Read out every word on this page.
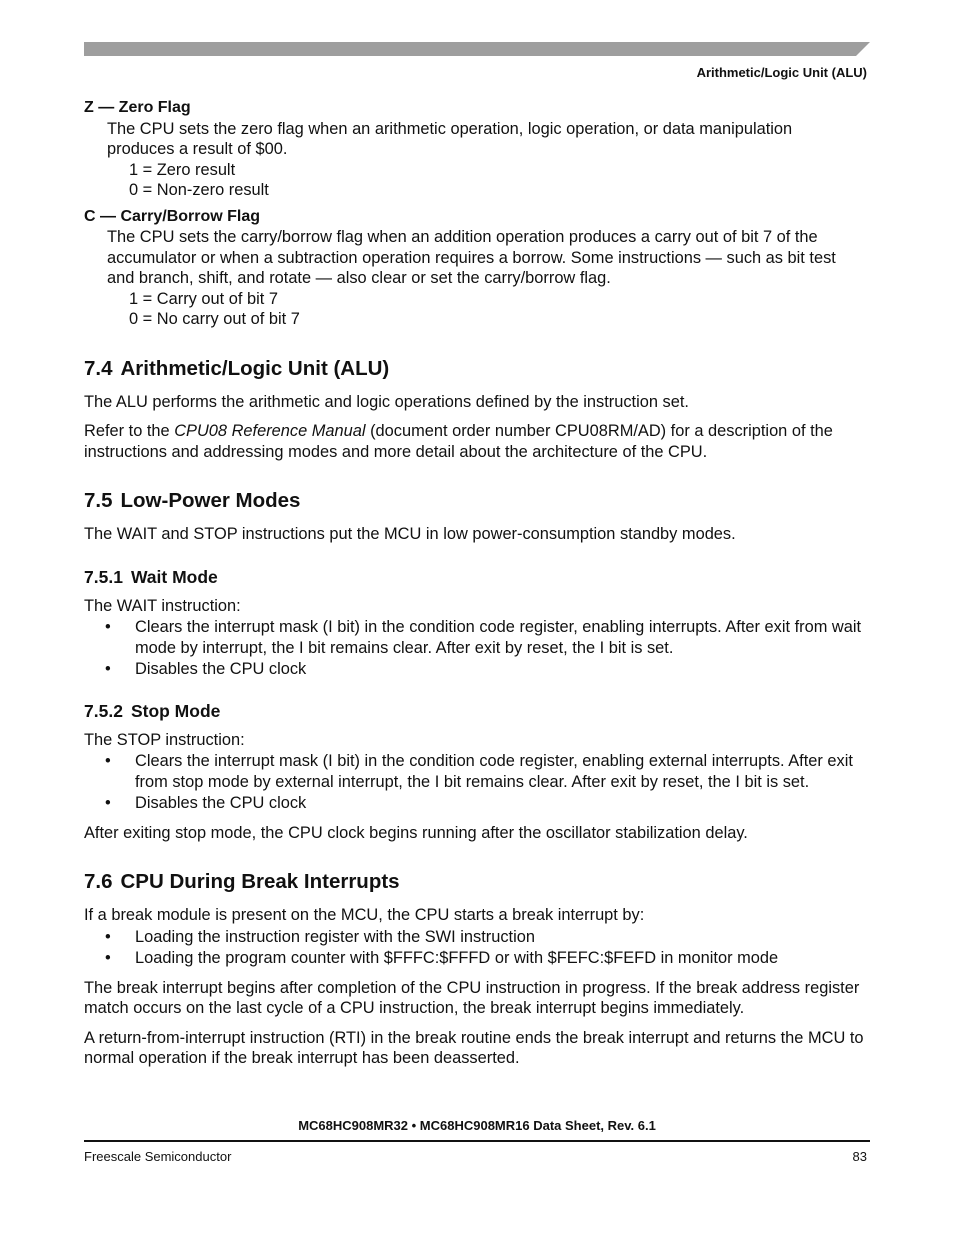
Arithmetic/Logic Unit (ALU)

Z — Zero Flag

The CPU sets the zero flag when an arithmetic operation, logic operation, or data manipulation

produces a result of $00.

1 = Zero result

0 = Non-zero result

C — Carry/Borrow Flag

The CPU sets the carry/borrow flag when an addition operation produces a carry out of bit 7 of the

accumulator or when a subtraction operation requires a borrow. Some instructions — such as bit test

and branch, shift, and rotate — also clear or set the carry/borrow flag.

1 = Carry out of bit 7

0 = No carry out of bit 7

7.4 Arithmetic/Logic Unit (ALU)

The ALU performs the arithmetic and logic operations defined by the instruction set.

Refer to the CPU08 Reference Manual (document order number CPU08RM/AD) for a description of the instructions and addressing modes and more detail about the architecture of the CPU.

7.5 Low-Power Modes

The WAIT and STOP instructions put the MCU in low power-consumption standby modes.

7.5.1 Wait Mode

The WAIT instruction:

• Clears the interrupt mask (I bit) in the condition code register, enabling interrupts. After exit from wait mode by interrupt, the I bit remains clear. After exit by reset, the I bit is set.
• Disables the CPU clock
7.5.2 Stop Mode

The STOP instruction:

• Clears the interrupt mask (I bit) in the condition code register, enabling external interrupts. After exit from stop mode by external interrupt, the I bit remains clear. After exit by reset, the I bit is set.
• Disables the CPU clock

After exiting stop mode, the CPU clock begins running after the oscillator stabilization delay.

7.6 CPU During Break Interrupts

If a break module is present on the MCU, the CPU starts a break interrupt by:

• Loading the instruction register with the SWI instruction
• Loading the program counter with $FFFC:$FFFD or with $FEFC:$FEFD in monitor mode

The break interrupt begins after completion of the CPU instruction in progress. If the break address register match occurs on the last cycle of a CPU instruction, the break interrupt begins immediately.

A return-from-interrupt instruction (RTI) in the break routine ends the break interrupt and returns the MCU to normal operation if the break interrupt has been deasserted.

MC68HC908MR32 • MC68HC908MR16 Data Sheet, Rev. 6.1
Freescale Semiconductor	83
